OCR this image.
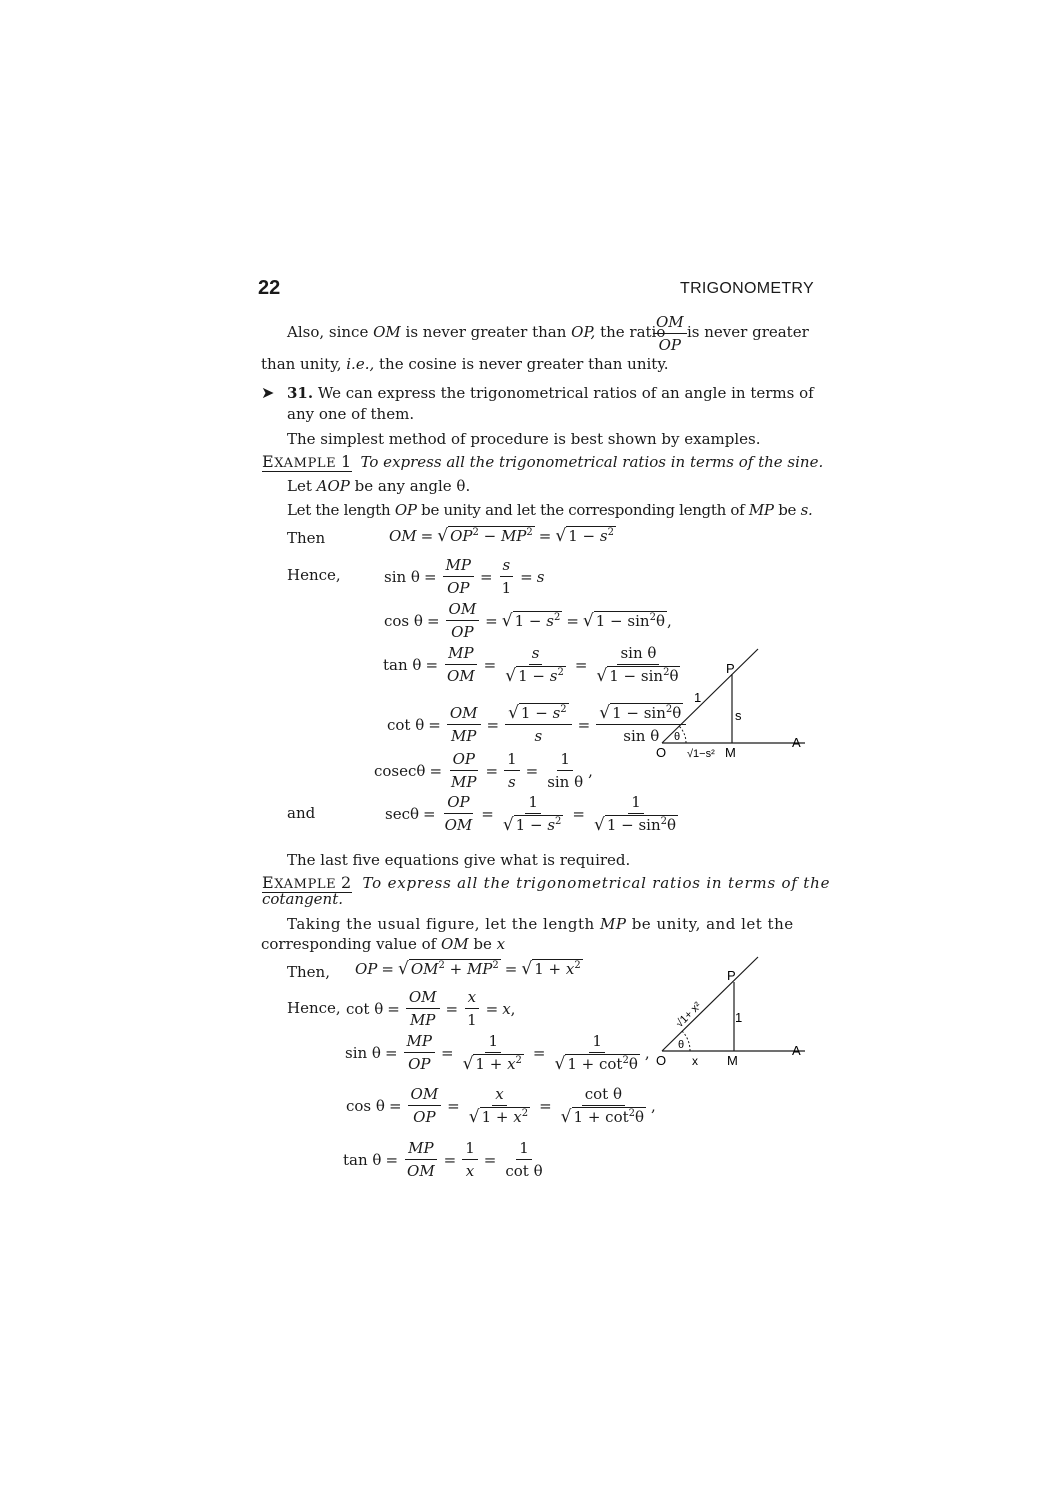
22	TRIGONOMETRY
Also, since OM is never greater than OP, the ratio
$\frac{OM}{OP}$ is never greater
than unity, i.e., the cosine is never greater than unity.
➤ 31. We can express the trigonometrical ratios of an angle in terms of
any one of them.
The simplest method of procedure is best shown by examples.
EXAMPLE 1 To express all the trigonometrical ratios in terms of the sine.
Let AOP be any angle θ.
Let the length OP be unity and let the corresponding length of MP be s.
Then	OM = √ $OP^2 - MP^2$ = √ $1 - s^2$
Hence,	$\sin \theta = \frac{MP}{OP} = \frac{s}{1} = s$
$\cos \theta = \frac{OM}{OP}$ = √ $1 - s^2$ = √ $1 - \sin^2\theta$ ,
$\tan \theta = \frac{MP}{OM} = \frac{s}{√ 1 - s^2} = \frac{\text{sin θ}}{√ 1 - \sin^2\theta}$
$\cot \theta = \frac{OM}{MP} = \frac{√ 1 - s^2}{s} = \frac{√ 1 - \sin^2\theta}{\text{sin θ}}$
$cosec\theta = \frac{OP}{MP} = \frac{1}{s} = \frac{1}{\text{sin θ}}$ ,
and	$\sec\theta = \frac{OP}{OM} = \frac{1}{√ 1 - s^2} = \frac{1}{√ 1 - \sin^2\theta}$
P
O	M
A
1
s
√1−s²
θ
The last five equations give what is required.
EXAMPLE 2 To express all the trigonometrical ratios in terms of the
cotangent.
Taking the usual figure, let the length MP be unity, and let the
corresponding value of OM be x
Then, OP = √ $OM^2 + MP^2$ = √ $1 + x^2$
Hence, $\cot \theta = \frac{OM}{MP} = \frac{x}{1} = x$ ,
$\sin \theta = \frac{MP}{OP} = \frac{1}{√ 1 + x^2} = \frac{1}{√ 1 + \cot^2\theta}$ ,
$\cos \theta = \frac{OM}{OP} = \frac{x}{√ 1 + x^2} = \frac{\text{cot θ}}{√ 1 + \cot^2\theta}$ ,
$\tan \theta = \frac{MP}{OM} = \frac{1}{x} = \frac{1}{\text{cot θ}}$
P
O	M
A
√1+ x² 1
x
θ
